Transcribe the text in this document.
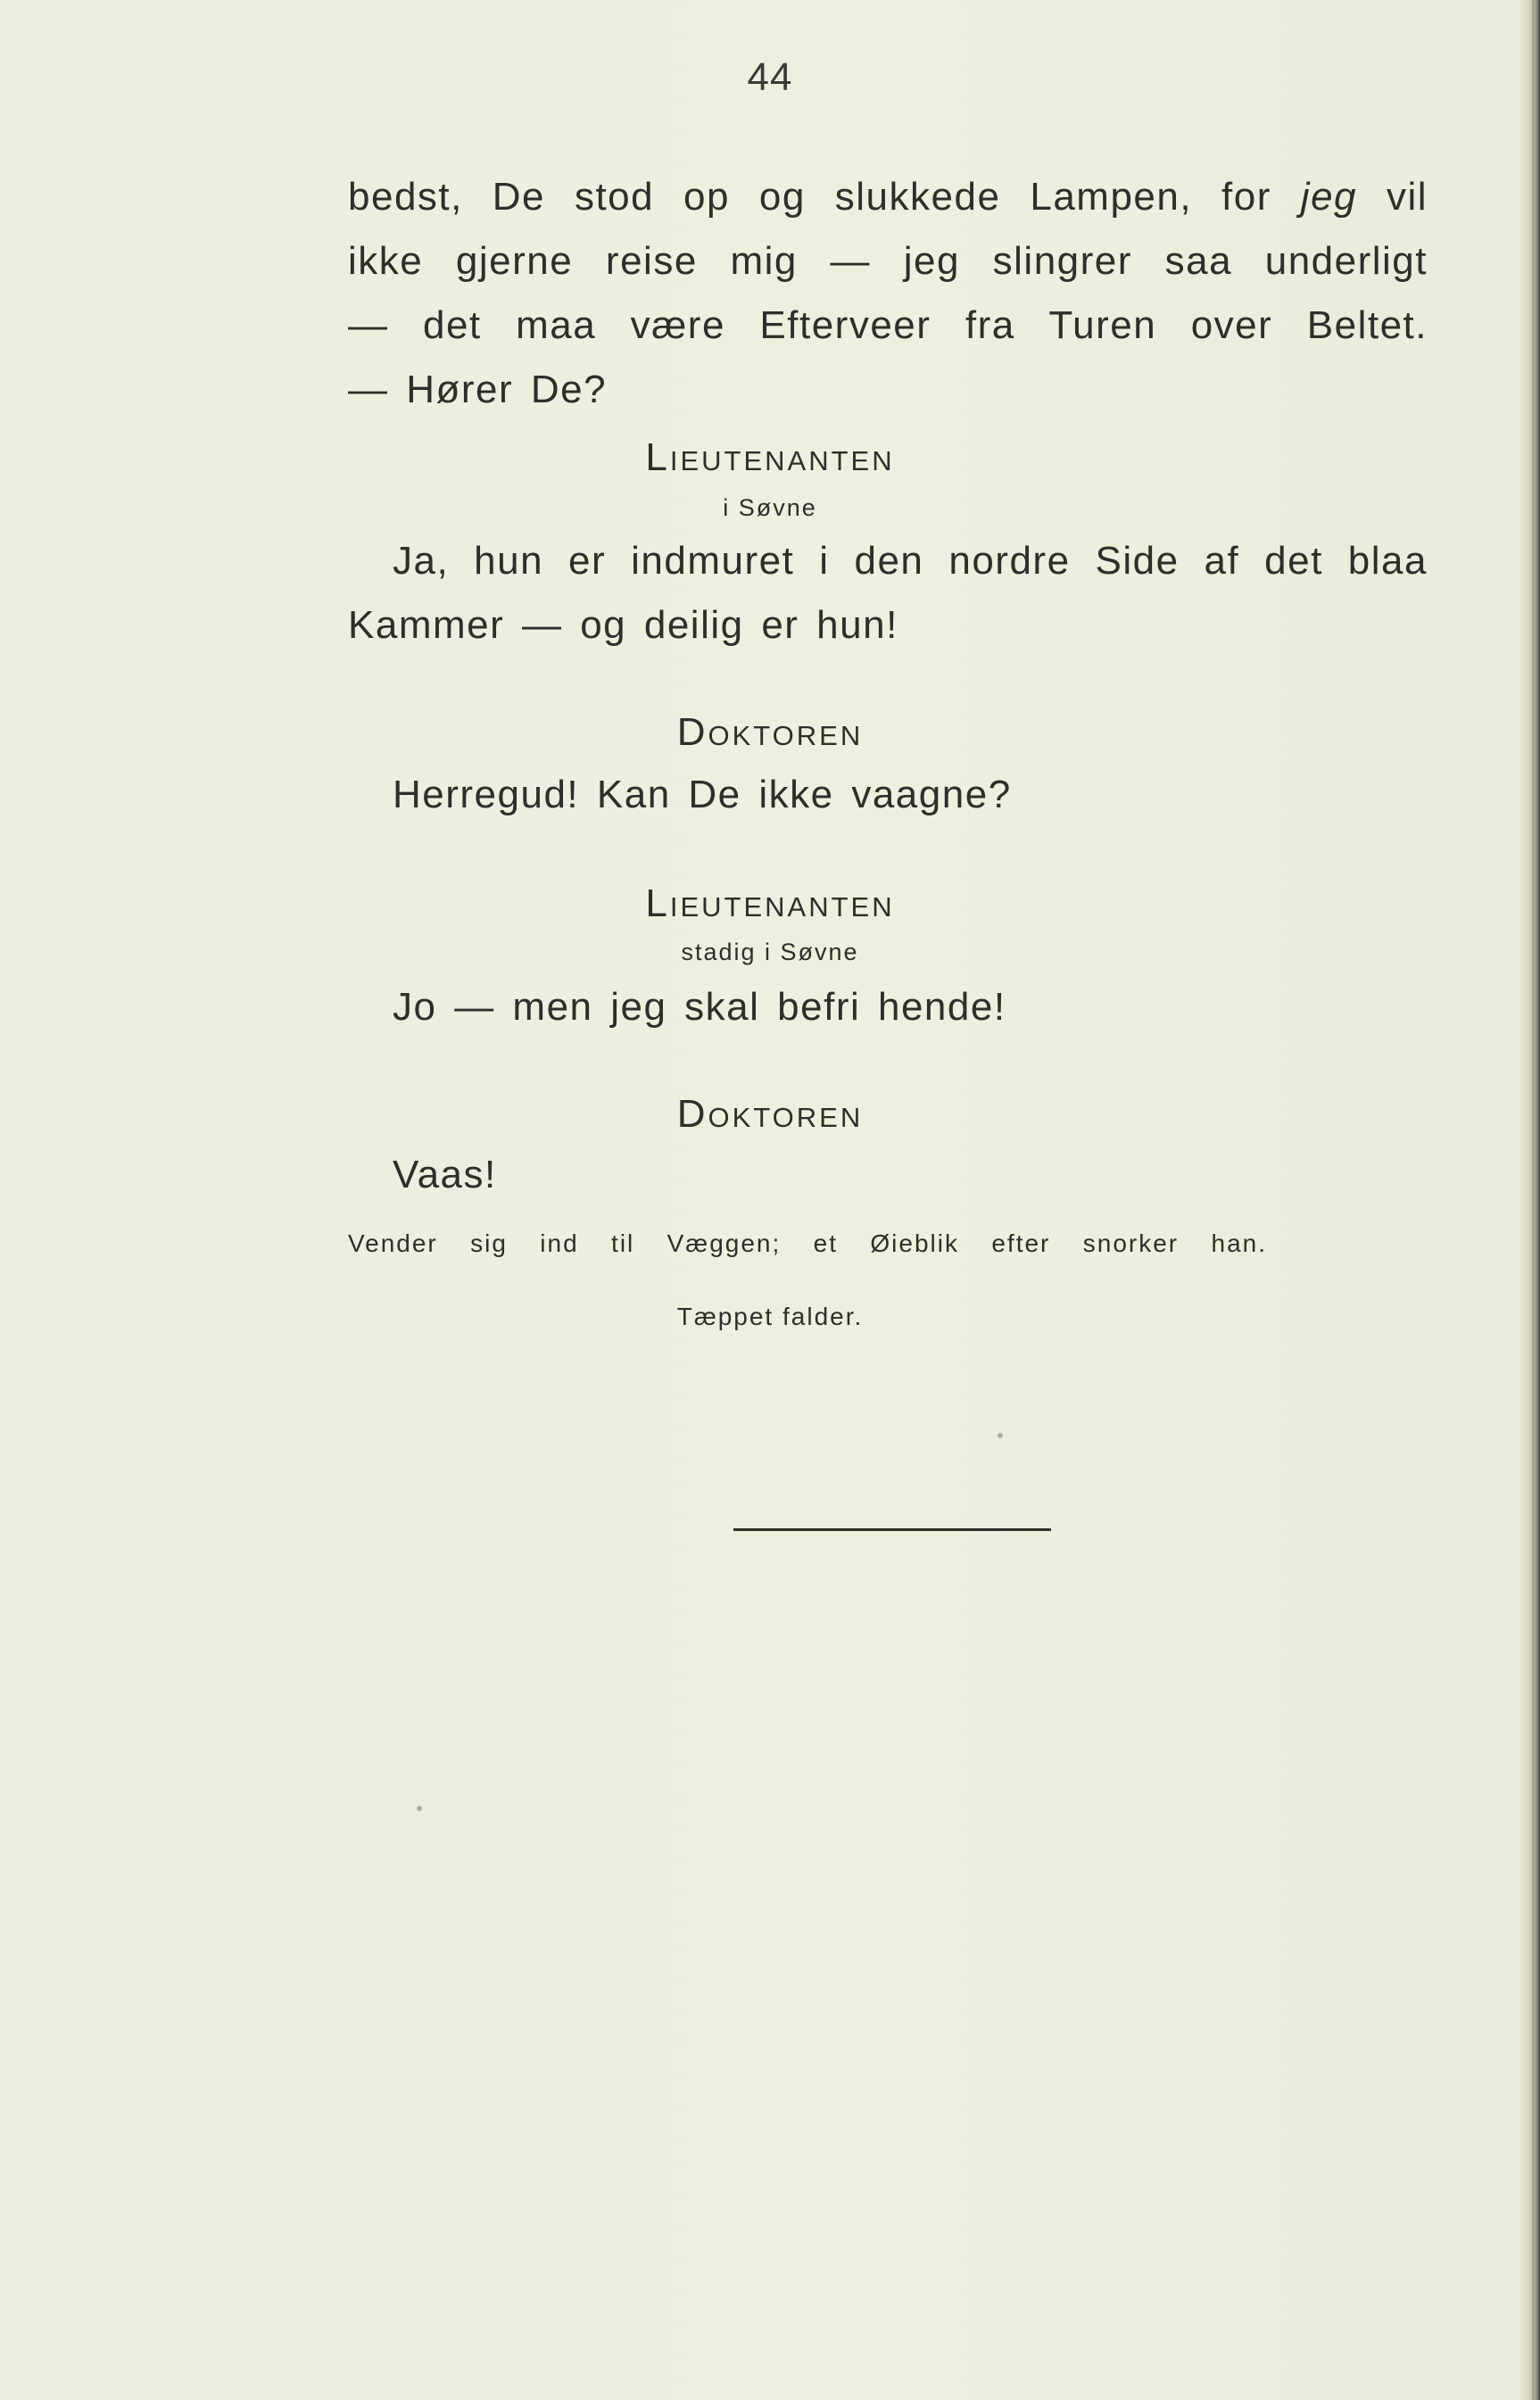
44
bedst, De stod op og slukkede Lampen, for jeg vil
ikke gjerne reise mig — jeg slingrer saa underligt
— det maa være Efterveer fra Turen over Beltet.
— Hører De?
Lieutenanten
i Søvne
Ja, hun er indmuret i den nordre Side af det blaa
Kammer — og deilig er hun!
Doktoren
Herregud! Kan De ikke vaagne?
Lieutenanten
stadig i Søvne
Jo — men jeg skal befri hende!
Doktoren
Vaas!
Vender sig ind til Væggen; et Øieblik efter snorker han.
Tæppet falder.
